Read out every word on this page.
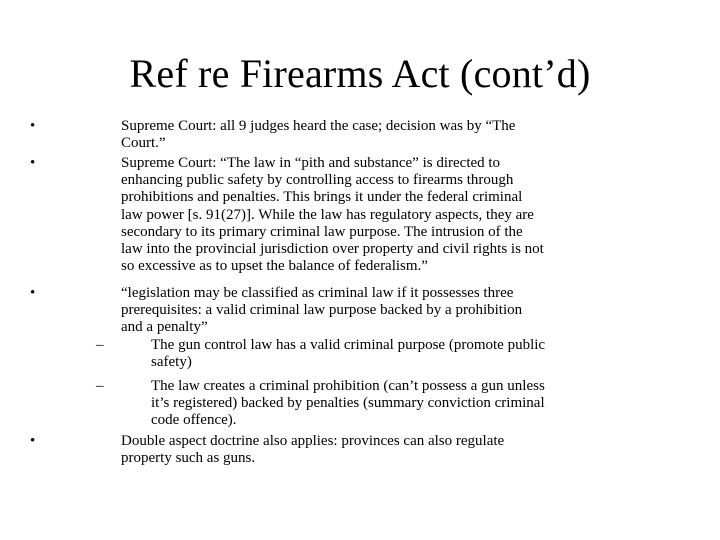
Ref re Firearms Act (cont’d)
•
•
•
•
–
–
Supreme Court: all 9 judges heard the case; decision was by “The
Court.”
Supreme Court: “The law in “pith and substance” is directed to
enhancing public safety by controlling access to firearms through
prohibitions and penalties. This brings it under the federal criminal
law power [s. 91(27)]. While the law has regulatory aspects, they are
secondary to its primary criminal law purpose. The intrusion of the
law into the provincial jurisdiction over property and civil rights is not
so excessive as to upset the balance of federalism.”
“legislation may be classified as criminal law if it possesses three
prerequisites: a valid criminal law purpose backed by a prohibition
and a penalty”
The gun control law has a valid criminal purpose (promote public
safety)
The law creates a criminal prohibition (can’t possess a gun unless
it’s registered) backed by penalties (summary conviction criminal
code offence).
Double aspect doctrine also applies: provinces can also regulate
property such as guns.
